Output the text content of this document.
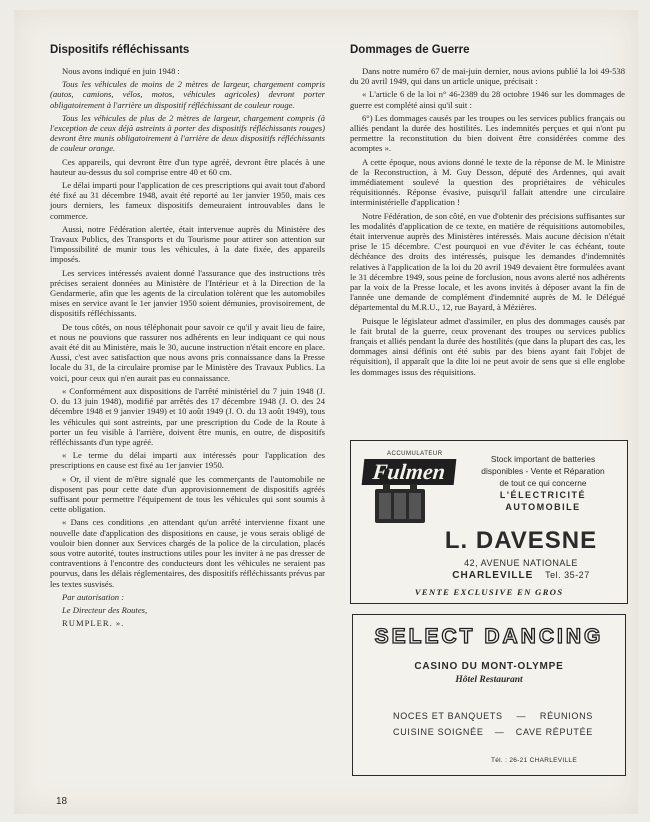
Dispositifs réfléchissants

Nous avons indiqué en juin 1948 :

Tous les véhicules de moins de 2 mètres de largeur, chargement compris (autos, camions, vélos, motos, véhicules agricoles) devront porter obligatoirement à l'arrière un dispositif réfléchissant de couleur rouge.

Tous les véhicules de plus de 2 mètres de largeur, chargement compris (à l'exception de ceux déjà astreints à porter des dispositifs réfléchissants rouges) devront être munis obligatoirement à l'arrière de deux dispositifs réfléchissants de couleur orange.

Ces appareils, qui devront être d'un type agréé, devront être placés à une hauteur au-dessus du sol comprise entre 40 et 60 cm.

Le délai imparti pour l'application de ces prescriptions qui avait tout d'abord été fixé au 31 décembre 1948, avait été reporté au 1er janvier 1950, mais ces jours derniers, les fameux dispositifs demeuraient introuvables dans le commerce.

Aussi, notre Fédération alertée, était intervenue auprès du Ministère des Travaux Publics, des Transports et du Tourisme pour attirer son attention sur l'impossibilité de munir tous les véhicules, à la date fixée, des appareils imposés.

Les services intéressés avaient donné l'assurance que des instructions très précises seraient données au Ministère de l'Intérieur et à la Direction de la Gendarmerie, afin que les agents de la circulation tolèrent que les automobiles mises en service avant le 1er janvier 1950 soient démunies, provisoirement, de dispositifs réfléchissants.

De tous côtés, on nous téléphonait pour savoir ce qu'il y avait lieu de faire, et nous ne pouvions que rassurer nos adhérents en leur indiquant ce qui nous avait été dit au Ministère, mais le 30, aucune instruction n'était encore en place. Aussi, c'est avec satisfaction que nous avons pris connaissance dans la Presse locale du 31, de la circulaire promise par le Ministère des Travaux Publics. La voici, pour ceux qui n'en aurait pas eu connaissance.

« Conformément aux dispositions de l'arrêté ministériel du 7 juin 1948 (J. O. du 13 juin 1948), modifié par arrêtés des 17 décembre 1948 (J. O. des 24 décembre 1948 et 9 janvier 1949) et 10 août 1949 (J. O. du 13 août 1949), tous les véhicules qui sont astreints, par une prescription du Code de la Route à porter un feu visible à l'arrière, doivent être munis, en outre, de dispositifs réfléchissants d'un type agréé.

« Le terme du délai imparti aux intéressés pour l'application des prescriptions en cause est fixé au 1er janvier 1950.

« Or, il vient de m'être signalé que les commerçants de l'automobile ne disposent pas pour cette date d'un approvisionnement de dispositifs agréés suffisant pour permettre l'équipement de tous les véhicules qui sont soumis à cette obligation.

« Dans ces conditions ,en attendant qu'un arrêté intervienne fixant une nouvelle date d'application des dispositions en cause, je vous serais obligé de vouloir bien donner aux Services chargés de la police de la circulation, placés sous votre autorité, toutes instructions utiles pour les inviter à ne pas dresser de contraventions à l'encontre des conducteurs dont les véhicules ne seraient pas pourvus, dans les délais réglementaires, des dispositifs réfléchissants prévus par les textes susvisés.

Par autorisation :

Le Directeur des Routes,

RUMPLER. ».

Dommages de Guerre

Dans notre numéro 67 de mai-juin dernier, nous avions publié la loi 49-538 du 20 avril 1949, qui dans un article unique, précisait :

« L'article 6 de la loi n° 46-2389 du 28 octobre 1946 sur les dommages de guerre est complété ainsi qu'il suit :

6°) Les dommages causés par les troupes ou les services publics français ou alliés pendant la durée des hostilités. Les indemnités perçues et qui n'ont pu permettre la reconstitution du bien doivent être considérées comme des acomptes ».

A cette époque, nous avions donné le texte de la réponse de M. le Ministre de la Reconstruction, à M. Guy Desson, député des Ardennes, qui avait immédiatement soulevé la question des propriétaires de véhicules réquisitionnés. Réponse évasive, puisqu'il fallait attendre une circulaire interministérielle d'application !

Notre Fédération, de son côté, en vue d'obtenir des précisions suffisantes sur les modalités d'application de ce texte, en matière de réquisitions automobiles, était intervenue auprès des Ministères intéressés. Mais aucune décision n'était prise le 15 décembre. C'est pourquoi en vue d'éviter le cas échéant, toute déchéance des droits des intéressés, puisque les demandes d'indemnités relatives à l'application de la loi du 20 avril 1949 devaient être formulées avant le 31 décembre 1949, sous peine de forclusion, nous avons alerté nos adhérents par la voix de la Presse locale, et les avons invités à déposer avant la fin de l'année une demande de complément d'indemnité auprès de M. le Délégué départemental du M.R.U., 12, rue Bayard, à Mézières.

Puisque le législateur admet d'assimiler, en plus des dommages causés par le fait brutal de la guerre, ceux provenant des troupes ou services publics français et alliés pendant la durée des hostilités (que dans la plupart des cas, les dommages ainsi définis ont été subis par des biens ayant fait l'objet de réquisition), il apparaît que la dite loi ne peut avoir de sens que si elle englobe les dommages issus des réquisitions.

ACCUMULATEUR
Fulmen	Stock important de batteries
disponibles - Vente et Réparation
de tout ce qui concerne
L'ÉLECTRICITÉ AUTOMOBILE
L. DAVESNE
42, AVENUE NATIONALE
CHARLEVILLE Tel. 35-27
VENTE EXCLUSIVE EN GROS
SELECT DANCING
CASINO DU MONT-OLYMPE
Hôtel Restaurant
NOCES ET BANQUETS — RÉUNIONS
CUISINE SOIGNÉE — CAVE RÉPUTÉE
Tél. : 26-21 CHARLEVILLE
18
